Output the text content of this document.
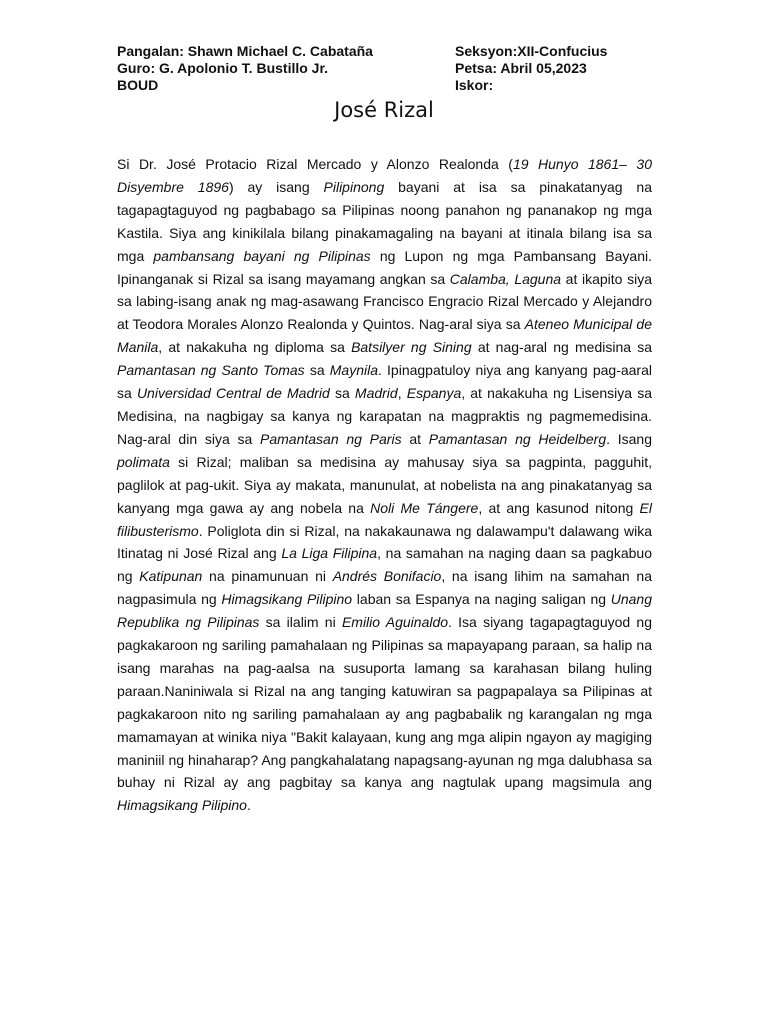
Pangalan: Shawn Michael C. Cabataña	Seksyon:XII-Confucius
Guro: G. Apolonio T. Bustillo Jr.	Petsa: Abril 05,2023
BOUD	Iskor:
José Rizal

Si Dr. José Protacio Rizal Mercado y Alonzo Realonda (19 Hunyo 1861– 30 Disyembre 1896) ay isang Pilipinong bayani at isa sa pinakatanyag na tagapagtaguyod ng pagbabago sa Pilipinas noong panahon ng pananakop ng mga Kastila. Siya ang kinikilala bilang pinakamagaling na bayani at itinala bilang isa sa mga pambansang bayani ng Pilipinas ng Lupon ng mga Pambansang Bayani. Ipinanganak si Rizal sa isang mayamang angkan sa Calamba, Laguna at ikapito siya sa labing-isang anak ng mag-asawang Francisco Engracio Rizal Mercado y Alejandro at Teodora Morales Alonzo Realonda y Quintos. Nag-aral siya sa Ateneo Municipal de Manila, at nakakuha ng diploma sa Batsilyer ng Sining at nag-aral ng medisina sa Pamantasan ng Santo Tomas sa Maynila. Ipinagpatuloy niya ang kanyang pag-aaral sa Universidad Central de Madrid sa Madrid, Espanya, at nakakuha ng Lisensiya sa Medisina, na nagbigay sa kanya ng karapatan na magpraktis ng pagmemedisina. Nag-aral din siya sa Pamantasan ng Paris at Pamantasan ng Heidelberg. Isang polimata si Rizal; maliban sa medisina ay mahusay siya sa pagpinta, pagguhit, paglilok at pag-ukit. Siya ay makata, manunulat, at nobelista na ang pinakatanyag sa kanyang mga gawa ay ang nobela na Noli Me Tángere, at ang kasunod nitong El filibusterismo. Poliglota din si Rizal, na nakakaunawa ng dalawampu't dalawang wika Itinatag ni José Rizal ang La Liga Filipina, na samahan na naging daan sa pagkabuo ng Katipunan na pinamunuan ni Andrés Bonifacio, na isang lihim na samahan na nagpasimula ng Himagsikang Pilipino laban sa Espanya na naging saligan ng Unang Republika ng Pilipinas sa ilalim ni Emilio Aguinaldo. Isa siyang tagapagtaguyod ng pagkakaroon ng sariling pamahalaan ng Pilipinas sa mapayapang paraan, sa halip na isang marahas na pag-aalsa na susuporta lamang sa karahasan bilang huling paraan.Naniniwala si Rizal na ang tanging katuwiran sa pagpapalaya sa Pilipinas at pagkakaroon nito ng sariling pamahalaan ay ang pagbabalik ng karangalan ng mga mamamayan at winika niya "Bakit kalayaan, kung ang mga alipin ngayon ay magiging maniniil ng hinaharap? Ang pangkahalatang napagsang-ayunan ng mga dalubhasa sa buhay ni Rizal ay ang pagbitay sa kanya ang nagtulak upang magsimula ang Himagsikang Pilipino.
